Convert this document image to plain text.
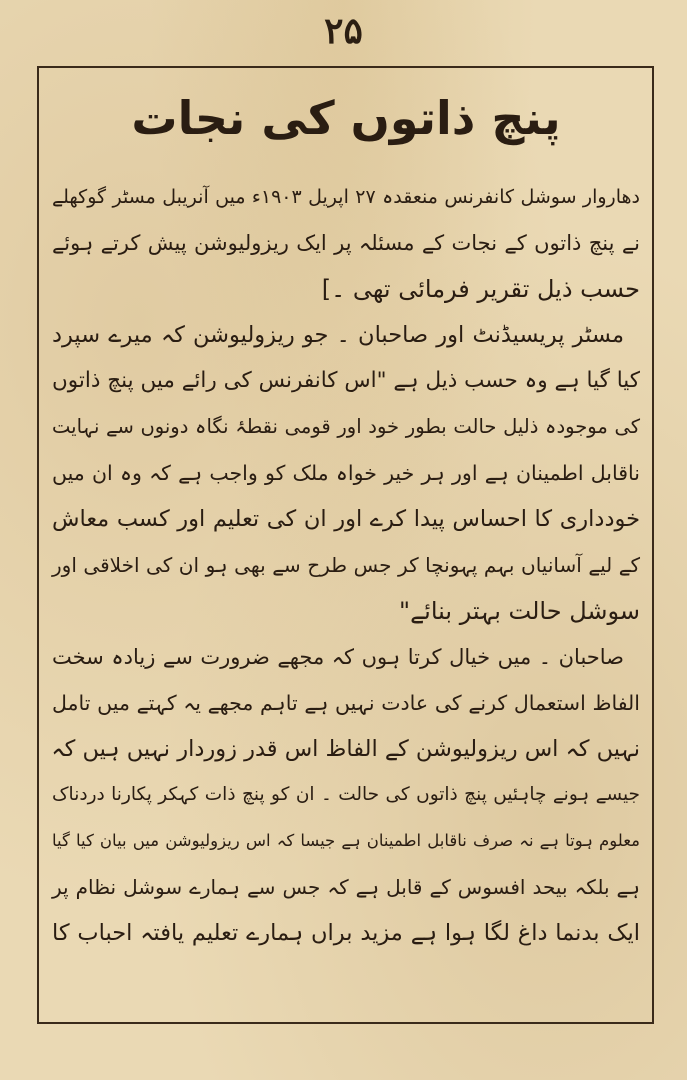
۲۵
پنچ ذاتوں کی نجات
دھاروار سوشل کانفرنس منعقدہ ۲۷ اپریل ۱۹۰۳ء میں آنریبل مسٹر گوکھلے
نے پنچ ذاتوں کے نجات کے مسئلہ پر ایک ریزولیوشن پیش کرتے ہوئے
حسب ذیل تقریر فرمائی تھی ۔]
مسٹر پریسیڈنٹ اور صاحبان ۔ جو ریزولیوشن کہ میرے سپرد
کیا گیا ہے وہ حسب ذیل ہے "اس کانفرنس کی رائے میں پنچ ذاتوں
کی موجودہ ذلیل حالت بطور خود اور قومی نقطۂ نگاہ دونوں سے نہایت
ناقابل اطمینان ہے اور ہر خیر خواہ ملک کو واجب ہے کہ وہ ان میں
خودداری کا احساس پیدا کرے اور ان کی تعلیم اور کسب معاش
کے لیے آسانیاں بہم پہونچا کر جس طرح سے بھی ہو ان کی اخلاقی اور
سوشل حالت بہتر بنائے"
صاحبان ۔ میں خیال کرتا ہوں کہ مجھے ضرورت سے زیادہ سخت
الفاظ استعمال کرنے کی عادت نہیں ہے تاہم مجھے یہ کہتے میں تامل
نہیں کہ اس ریزولیوشن کے الفاظ اس قدر زوردار نہیں ہیں کہ
جیسے ہونے چاہئیں پنچ ذاتوں کی حالت ۔ ان کو پنچ ذات کہکر پکارنا دردناک
معلوم ہوتا ہے نہ صرف ناقابل اطمینان ہے جیسا کہ اس ریزولیوشن میں بیان کیا گیا
ہے بلکہ بیحد افسوس کے قابل ہے کہ جس سے ہمارے سوشل نظام پر
ایک بدنما داغ لگا ہوا ہے مزید براں ہمارے تعلیم یافتہ احباب کا
